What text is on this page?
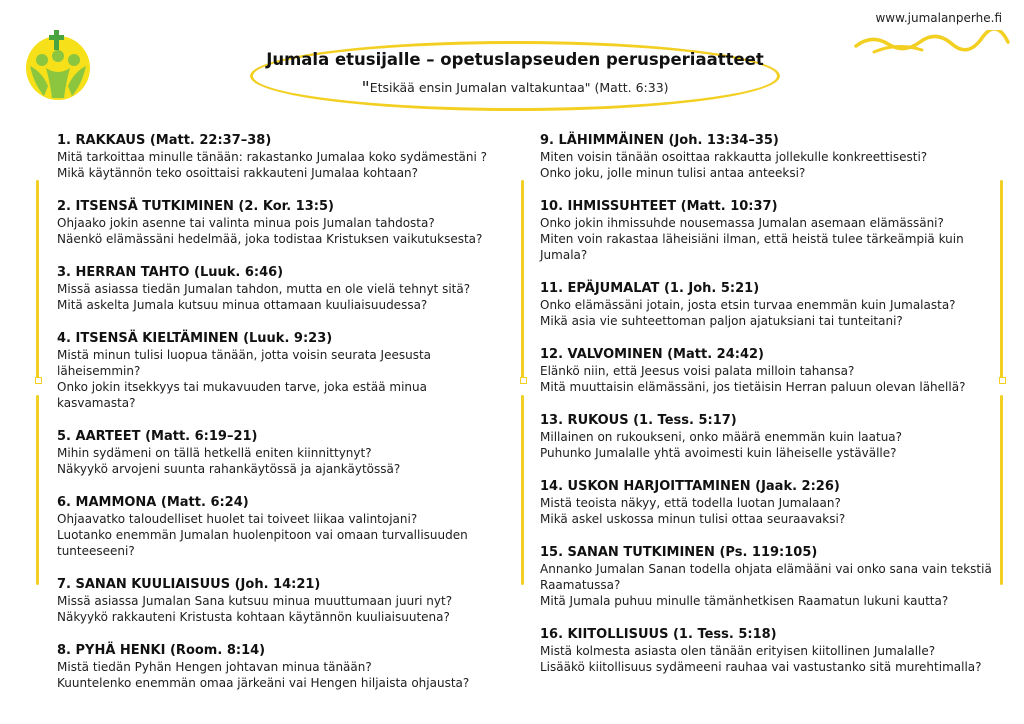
www.jumalanperhe.fi
Jumala etusijalle – opetuslapseuden perusperiaatteet
"Etsikää ensin Jumalan valtakuntaa" (Matt. 6:33)
1. RAKKAUS (Matt. 22:37–38)

Mitä tarkoittaa minulle tänään: rakastanko Jumalaa koko sydämestäni ?

Mikä käytännön teko osoittaisi rakkauteni Jumalaa kohtaan?

2. ITSENSÄ TUTKIMINEN (2. Kor. 13:5)

Ohjaako jokin asenne tai valinta minua pois Jumalan tahdosta?

Näenkö elämässäni hedelmää, joka todistaa Kristuksen vaikutuksesta?

3. HERRAN TAHTO (Luuk. 6:46)

Missä asiassa tiedän Jumalan tahdon, mutta en ole vielä tehnyt sitä?

Mitä askelta Jumala kutsuu minua ottamaan kuuliaisuudessa?

4. ITSENSÄ KIELTÄMINEN (Luuk. 9:23)

Mistä minun tulisi luopua tänään, jotta voisin seurata Jeesusta läheisemmin?

Onko jokin itsekkyys tai mukavuuden tarve, joka estää minua kasvamasta?

5. AARTEET (Matt. 6:19–21)

Mihin sydämeni on tällä hetkellä eniten kiinnittynyt?

Näkyykö arvojeni suunta rahankäytössä ja ajankäytössä?

6. MAMMONA (Matt. 6:24)

Ohjaavatko taloudelliset huolet tai toiveet liikaa valintojani?

Luotanko enemmän Jumalan huolenpitoon vai omaan turvallisuuden tunteeseeni?

7. SANAN KUULIAISUUS (Joh. 14:21)

Missä asiassa Jumalan Sana kutsuu minua muuttumaan juuri nyt?

Näkyykö rakkauteni Kristusta kohtaan käytännön kuuliaisuutena?

8. PYHÄ HENKI (Room. 8:14)

Mistä tiedän Pyhän Hengen johtavan minua tänään?

Kuuntelenko enemmän omaa järkeäni vai Hengen hiljaista ohjausta?

9. LÄHIMMÄINEN (Joh. 13:34–35)

Miten voisin tänään osoittaa rakkautta jollekulle konkreettisesti?

Onko joku, jolle minun tulisi antaa anteeksi?

10. IHMISSUHTEET (Matt. 10:37)

Onko jokin ihmissuhde nousemassa Jumalan asemaan elämässäni?

Miten voin rakastaa läheisiäni ilman, että heistä tulee tärkeämpiä kuin Jumala?

11. EPÄJUMALAT (1. Joh. 5:21)

Onko elämässäni jotain, josta etsin turvaa enemmän kuin Jumalasta?

Mikä asia vie suhteettoman paljon ajatuksiani tai tunteitani?

12. VALVOMINEN (Matt. 24:42)

Elänkö niin, että Jeesus voisi palata milloin tahansa?

Mitä muuttaisin elämässäni, jos tietäisin Herran paluun olevan lähellä?

13. RUKOUS (1. Tess. 5:17)

Millainen on rukoukseni, onko määrä enemmän kuin laatua?

Puhunko Jumalalle yhtä avoimesti kuin läheiselle ystävälle?

14. USKON HARJOITTAMINEN (Jaak. 2:26)

Mistä teoista näkyy, että todella luotan Jumalaan?

Mikä askel uskossa minun tulisi ottaa seuraavaksi?

15. SANAN TUTKIMINEN (Ps. 119:105)

Annanko Jumalan Sanan todella ohjata elämääni vai onko sana vain tekstiä Raamatussa?

Mitä Jumala puhuu minulle tämänhetkisen Raamatun lukuni kautta?

16. KIITOLLISUUS (1. Tess. 5:18)

Mistä kolmesta asiasta olen tänään erityisen kiitollinen Jumalalle?

Lisääkö kiitollisuus sydämeeni rauhaa vai vastustanko sitä murehtimalla?
